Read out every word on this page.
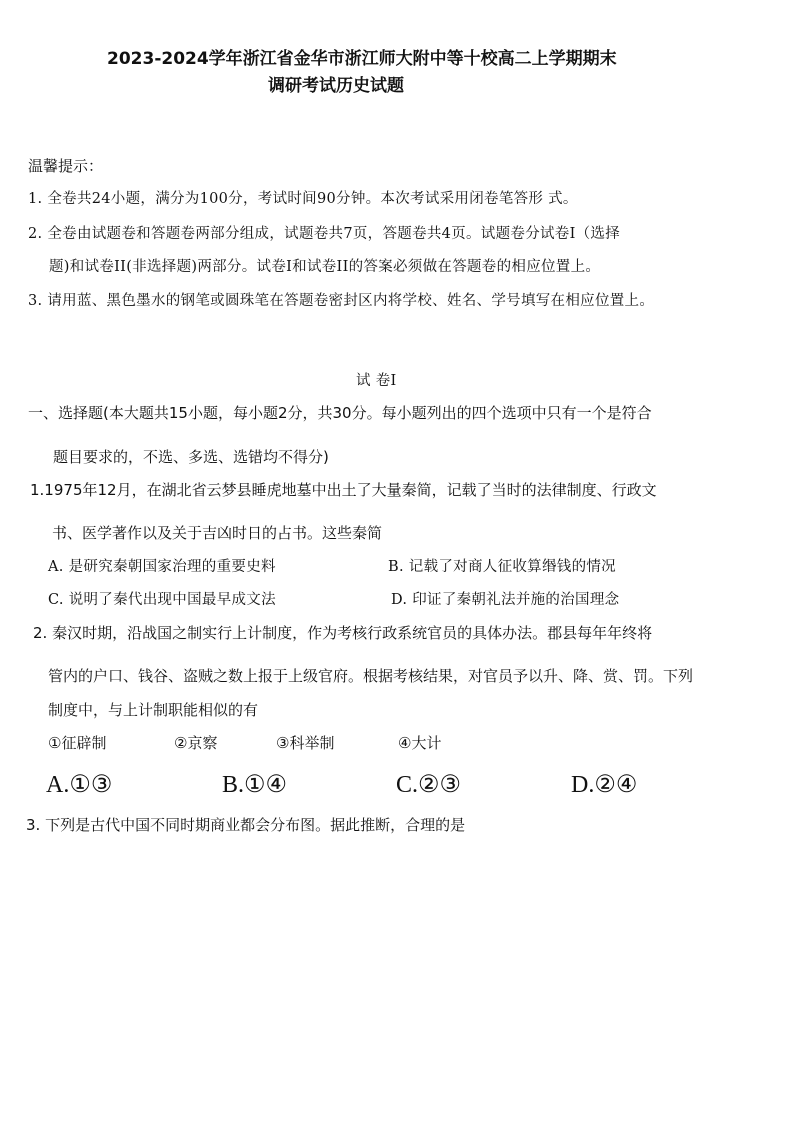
2023-2024学年浙江省金华市浙江师大附中等十校高二上学期期末
调研考试历史试题
温馨提示：
1. 全卷共24小题，满分为100分，考试时间90分钟。本次考试采用闭卷笔答形 式。
2. 全卷由试题卷和答题卷两部分组成，试题卷共7页，答题卷共4页。试题卷分试卷I（选择
题)和试卷II(非选择题)两部分。试卷I和试卷II的答案必须做在答题卷的相应位置上。
3. 请用蓝、黑色墨水的钢笔或圆珠笔在答题卷密封区内将学校、姓名、学号填写在相应位置上。
试 卷I
一、选择题(本大题共15小题，每小题2分，共30分。每小题列出的四个选项中只有一个是符合
题目要求的，不选、多选、选错均不得分)
1.1975年12月，在湖北省云梦县睡虎地墓中出土了大量秦简，记载了当时的法律制度、行政文
书、医学著作以及关于吉凶时日的占书。这些秦简
A. 是研究秦朝国家治理的重要史料	B. 记载了对商人征收算缗钱的情况
C. 说明了秦代出现中国最早成文法	D. 印证了秦朝礼法并施的治国理念
2. 秦汉时期，沿战国之制实行上计制度，作为考核行政系统官员的具体办法。郡县每年年终将
管内的户口、钱谷、盗贼之数上报于上级官府。根据考核结果，对官员予以升、降、赏、罚。下列
制度中，与上计制职能相似的有
①征辟制	②京察	③科举制	④大计
A.①③	B.①④	C.②③	D.②④
3. 下列是古代中国不同时期商业都会分布图。据此推断，合理的是
